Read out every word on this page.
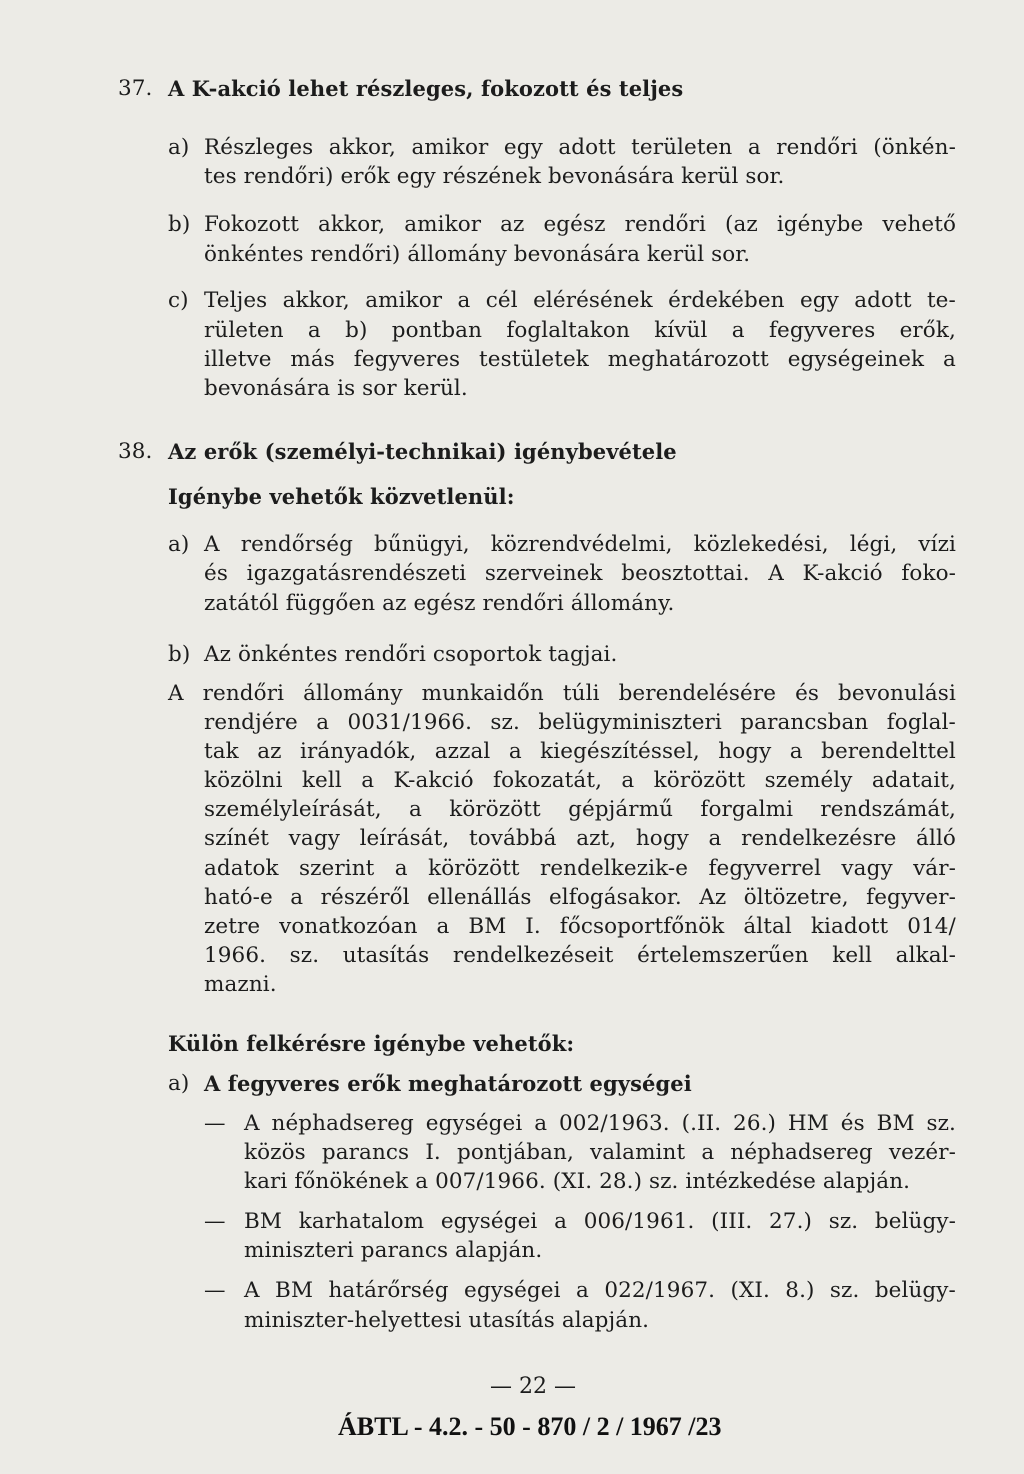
37. A K-akció lehet részleges, fokozott és teljes
a) Részleges akkor, amikor egy adott területen a rendőri (önkén-
tes rendőri) erők egy részének bevonására kerül sor.
b) Fokozott akkor, amikor az egész rendőri (az igénybe vehető
önkéntes rendőri) állomány bevonására kerül sor.
c) Teljes akkor, amikor a cél elérésének érdekében egy adott te-
rületen a b) pontban foglaltakon kívül a fegyveres erők,
illetve más fegyveres testületek meghatározott egységeinek a
bevonására is sor kerül.
38. Az erők (személyi-technikai) igénybevétele
Igénybe vehetők közvetlenül:
a) A rendőrség bűnügyi, közrendvédelmi, közlekedési, légi, vízi
és igazgatásrendészeti szerveinek beosztottai. A K-akció foko-
zatától függően az egész rendőri állomány.
b) Az önkéntes rendőri csoportok tagjai.
A rendőri állomány munkaidőn túli berendelésére és bevonulási
rendjére a 0031/1966. sz. belügyminiszteri parancsban foglal-
tak az irányadók, azzal a kiegészítéssel, hogy a berendelttel
közölni kell a K-akció fokozatát, a körözött személy adatait,
személyleírását, a körözött gépjármű forgalmi rendszámát,
színét vagy leírását, továbbá azt, hogy a rendelkezésre álló
adatok szerint a körözött rendelkezik-e fegyverrel vagy vár-
ható-e a részéről ellenállás elfogásakor. Az öltözetre, fegyver-
zetre vonatkozóan a BM I. főcsoportfőnök által kiadott 014/
1966. sz. utasítás rendelkezéseit értelemszerűen kell alkal-
mazni.
Külön felkérésre igénybe vehetők:
a) A fegyveres erők meghatározott egységei
— A néphadsereg egységei a 002/1963. (.II. 26.) HM és BM sz.
közös parancs I. pontjában, valamint a néphadsereg vezér-
kari főnökének a 007/1966. (XI. 28.) sz. intézkedése alapján.
— BM karhatalom egységei a 006/1961. (III. 27.) sz. belügy-
miniszteri parancs alapján.
— A BM határőrség egységei a 022/1967. (XI. 8.) sz. belügy-
miniszter-helyettesi utasítás alapján.
— 22 —
ÁBTL - 4.2. - 50 - 870 / 2 / 1967 /23
